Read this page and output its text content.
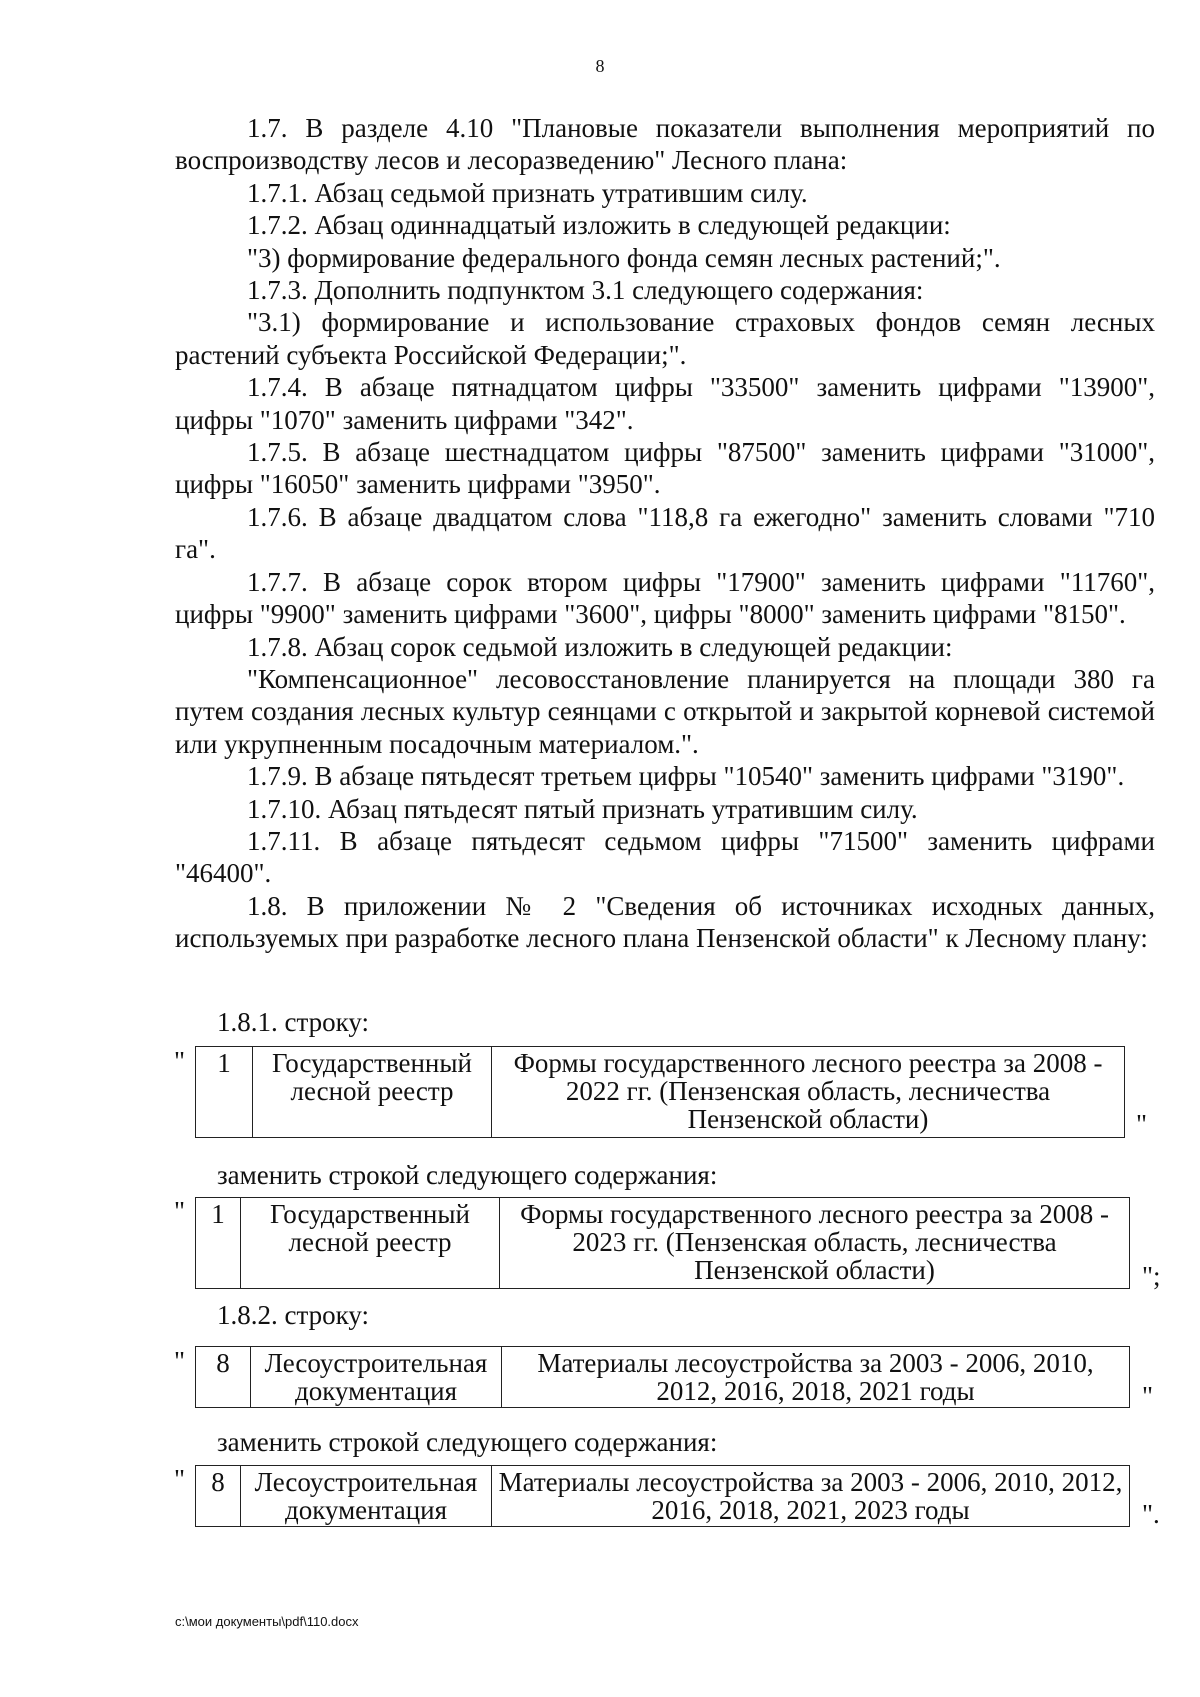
8

1.7. В разделе 4.10 "Плановые показатели выполнения мероприятий по воспроизводству лесов и лесоразведению" Лесного плана:

1.7.1. Абзац седьмой признать утратившим силу.

1.7.2. Абзац одиннадцатый изложить в следующей редакции:

"3) формирование федерального фонда семян лесных растений;".

1.7.3. Дополнить подпунктом 3.1 следующего содержания:

"3.1) формирование и использование страховых фондов семян лесных растений субъекта Российской Федерации;".

1.7.4. В абзаце пятнадцатом цифры "33500" заменить цифрами "13900", цифры "1070" заменить цифрами "342".

1.7.5. В абзаце шестнадцатом цифры "87500" заменить цифрами "31000", цифры "16050" заменить цифрами "3950".

1.7.6. В абзаце двадцатом слова "118,8 га ежегодно" заменить словами "710 га".

1.7.7. В абзаце сорок втором цифры "17900" заменить цифрами "11760", цифры "9900" заменить цифрами "3600", цифры "8000" заменить цифрами "8150".

1.7.8. Абзац сорок седьмой изложить в следующей редакции:

"Компенсационное" лесовосстановление планируется на площади 380 га путем создания лесных культур сеянцами с открытой и закрытой корневой системой или укрупненным посадочным материалом.".

1.7.9. В абзаце пятьдесят третьем цифры "10540" заменить цифрами "3190".

1.7.10. Абзац пятьдесят пятый признать утратившим силу.

1.7.11. В абзаце пятьдесят седьмом цифры "71500" заменить цифрами "46400".

1.8. В приложении № 2 "Сведения об источниках исходных данных, используемых при разработке лесного плана Пензенской области" к Лесному плану:

1.8.1. строку:
" 1	Государственный лесной реестр	Формы государственного лесного реестра за 2008 - 2022 гг. (Пензенская область, лесничества Пензенской области)	"
заменить строкой следующего содержания:
" 1	Государственный лесной реестр	Формы государственного лесного реестра за 2008 - 2023 гг. (Пензенская область, лесничества Пензенской области)	";
1.8.2. строку:
" 8	Лесоустроительная документация	Материалы лесоустройства за 2003 - 2006, 2010, 2012, 2016, 2018, 2021 годы	"
заменить строкой следующего содержания:
" 8	Лесоустроительная документация	Материалы лесоустройства за 2003 - 2006, 2010, 2012, 2016, 2018, 2021, 2023 годы	".
c:\мои документы\pdf\110.docx
